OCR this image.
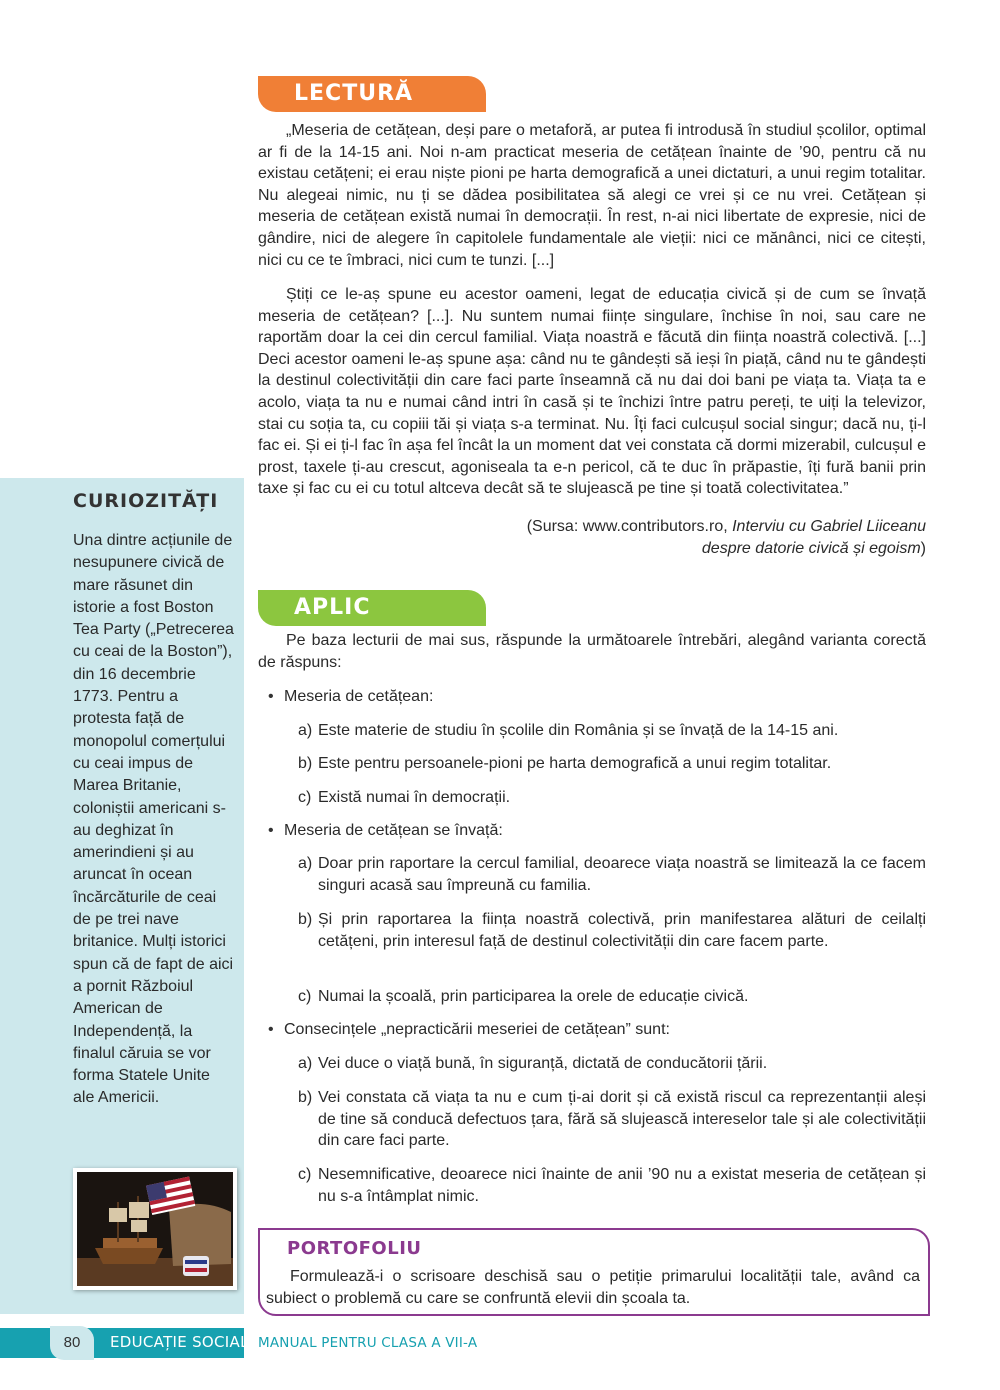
LECTURĂ

„Meseria de cetățean, deși pare o metaforă, ar putea fi introdusă în studiul școlilor, optimal ar fi de la 14-15 ani. Noi n-am practicat meseria de cetățean înainte de ’90, pentru că nu existau cetățeni; ei erau niște pioni pe harta demografică a unei dictaturi, a unui regim totalitar. Nu alegeai nimic, nu ți se dădea posibilitatea să alegi ce vrei și ce nu vrei. Cetățean și meseria de cetățean există numai în democrații. În rest, n-ai nici libertate de expresie, nici de gândire, nici de alegere în capitolele fundamentale ale vieții: nici ce mănânci, nici ce citești, nici cu ce te îmbraci, nici cum te tunzi. [...]

Știți ce le-aș spune eu acestor oameni, legat de educația civică și de cum se învață meseria de cetățean? [...]. Nu suntem numai ființe singulare, închise în noi, sau care ne raportăm doar la cei din cercul familial. Viața noastră e făcută din ființa noastră colectivă. [...] Deci acestor oameni le-aș spune așa: când nu te gândești să ieși în piață, când nu te gândești la destinul colectivității din care faci parte înseamnă că nu dai doi bani pe viața ta. Viața ta e acolo, viața ta nu e numai când intri în casă și te închizi între patru pereți, te uiți la televizor, stai cu soția ta, cu copiii tăi și viața s-a terminat. Nu. Îți faci culcușul social singur; dacă nu, ți-l fac ei. Și ei ți-l fac în așa fel încât la un moment dat vei constata că dormi mizerabil, culcușul e prost, taxele ți-au crescut, agoniseala ta e-n pericol, că te duc în prăpastie, îți fură banii prin taxe și fac cu ei cu totul altceva decât să te slujească pe tine și toată colectivitatea.”

(Sursa: www.contributors.ro, Interviu cu Gabriel Liiceanu
despre datorie civică și egoism)
APLIC

Pe baza lecturii de mai sus, răspunde la următoarele întrebări, alegând varianta corectă de răspuns:

• Meseria de cetățean:
a) Este materie de studiu în școlile din România și se învață de la 14-15 ani.
b) Este pentru persoanele-pioni pe harta demografică a unui regim totalitar.
c) Există numai în democrații.
• Meseria de cetățean se învață:
a) Doar prin raportare la cercul familial, deoarece viața noastră se limitează la ce facem singuri acasă sau împreună cu familia.
b) Și prin raportarea la ființa noastră colectivă, prin manifestarea alături de ceilalți cetățeni, prin interesul față de destinul colectivității din care facem parte.
c) Numai la școală, prin participarea la orele de educație civică.
• Consecințele „nepracticării meseriei de cetățean” sunt:
a) Vei duce o viață bună, în siguranță, dictată de conducătorii țării.
b) Vei constata că viața ta nu e cum ți-ai dorit și că există riscul ca reprezentanții aleși de tine să conducă defectuos țara, fără să slujească intereselor tale și ale colectivității din care faci parte.
c) Nesemnificative, deoarece nici înainte de anii ’90 nu a existat meseria de cetățean și nu s-a întâmplat nimic.
CURIOZITĂȚI
Una dintre acțiunile de nesupunere civică de mare răsunet din istorie a fost Boston Tea Party („Petrecerea cu ceai de la Boston”), din 16 decembrie 1773. Pentru a protesta față de monopolul comerțului cu ceai impus de Marea Britanie, coloniștii americani s-au deghizat în amerindieni și au aruncat în ocean încărcăturile de ceai de pe trei nave britanice. Mulți istorici spun că de fapt de aici a pornit Războiul American de Independență, la finalul căruia se vor forma Statele Unite ale Americii.
PORTOFOLIU
Formulează-i o scrisoare deschisă sau o petiție primarului localității tale, având ca subiect o problemă cu care se confruntă elevii din școala ta.
80	EDUCAȚIE SOCIALĂ
MANUAL PENTRU CLASA A VII-A
